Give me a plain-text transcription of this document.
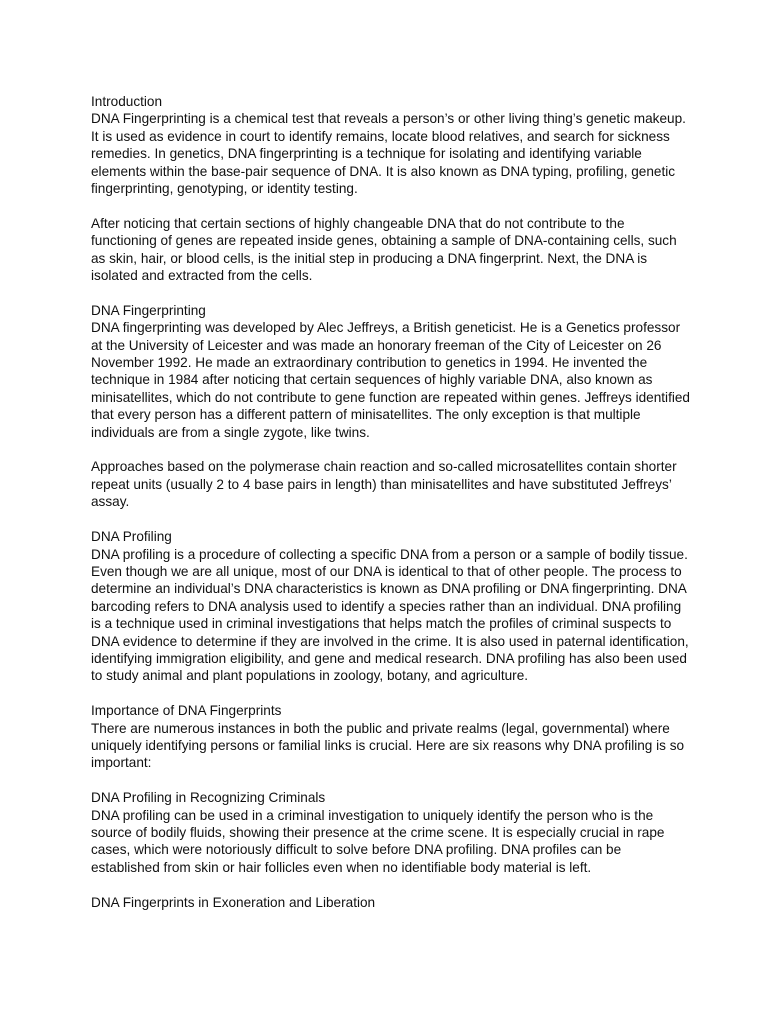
Introduction

DNA Fingerprinting is a chemical test that reveals a person’s or other living thing’s genetic makeup. It is used as evidence in court to identify remains, locate blood relatives, and search for sickness remedies. In genetics, DNA fingerprinting is a technique for isolating and identifying variable elements within the base-pair sequence of DNA. It is also known as DNA typing, profiling, genetic fingerprinting, genotyping, or identity testing.

After noticing that certain sections of highly changeable DNA that do not contribute to the functioning of genes are repeated inside genes, obtaining a sample of DNA-containing cells, such as skin, hair, or blood cells, is the initial step in producing a DNA fingerprint. Next, the DNA is isolated and extracted from the cells.

DNA Fingerprinting

DNA fingerprinting was developed by Alec Jeffreys, a British geneticist. He is a Genetics professor at the University of Leicester and was made an honorary freeman of the City of Leicester on 26 November 1992. He made an extraordinary contribution to genetics in 1994. He invented the technique in 1984 after noticing that certain sequences of highly variable DNA, also known as minisatellites, which do not contribute to gene function are repeated within genes. Jeffreys identified that every person has a different pattern of minisatellites. The only exception is that multiple individuals are from a single zygote, like twins.

Approaches based on the polymerase chain reaction and so-called microsatellites contain shorter repeat units (usually 2 to 4 base pairs in length) than minisatellites and have substituted Jeffreys’ assay.

DNA Profiling

DNA profiling is a procedure of collecting a specific DNA from a person or a sample of bodily tissue. Even though we are all unique, most of our DNA is identical to that of other people. The process to determine an individual’s DNA characteristics is known as DNA profiling or DNA fingerprinting. DNA barcoding refers to DNA analysis used to identify a species rather than an individual. DNA profiling is a technique used in criminal investigations that helps match the profiles of criminal suspects to DNA evidence to determine if they are involved in the crime. It is also used in paternal identification, identifying immigration eligibility, and gene and medical research. DNA profiling has also been used to study animal and plant populations in zoology, botany, and agriculture.

Importance of DNA Fingerprints

There are numerous instances in both the public and private realms (legal, governmental) where uniquely identifying persons or familial links is crucial. Here are six reasons why DNA profiling is so important:

DNA Profiling in Recognizing Criminals

DNA profiling can be used in a criminal investigation to uniquely identify the person who is the source of bodily fluids, showing their presence at the crime scene. It is especially crucial in rape cases, which were notoriously difficult to solve before DNA profiling. DNA profiles can be established from skin or hair follicles even when no identifiable body material is left.

DNA Fingerprints in Exoneration and Liberation
